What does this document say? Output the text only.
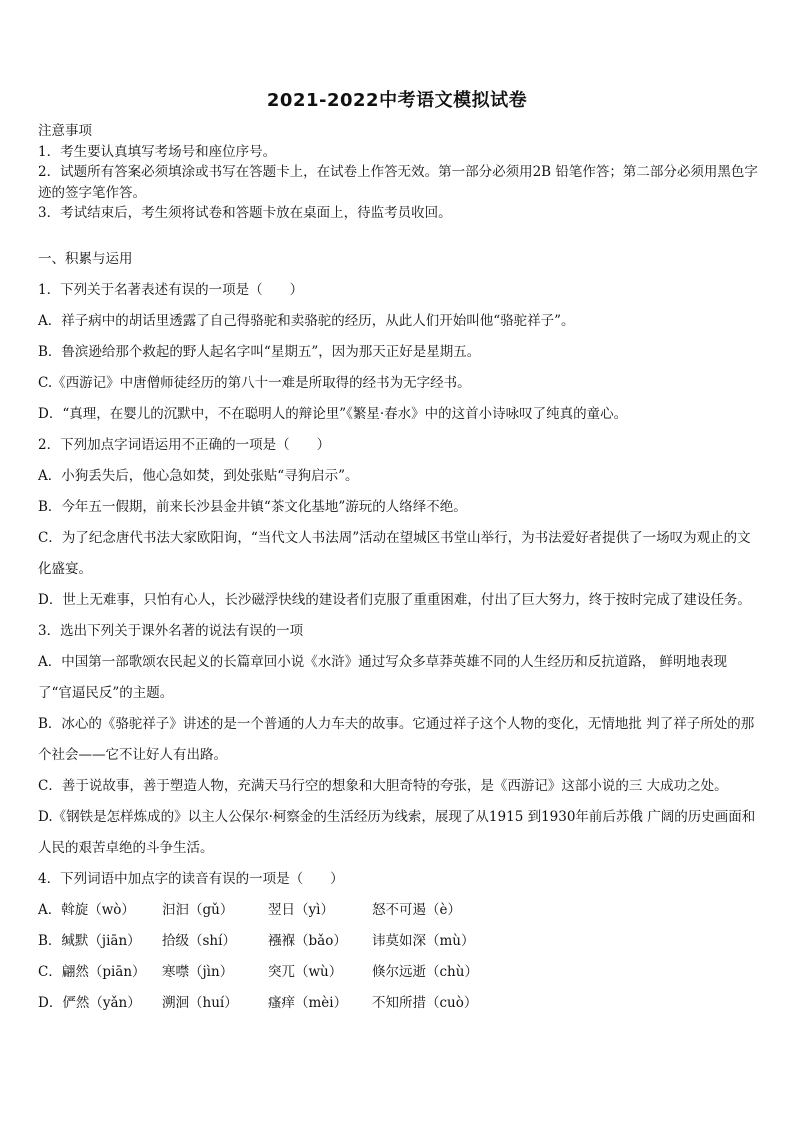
2021-2022中考语文模拟试卷

注意事项

1．考生要认真填写考场号和座位序号。

2．试题所有答案必须填涂或书写在答题卡上，在试卷上作答无效。第一部分必须用2B 铅笔作答；第二部分必须用黑色字迹的签字笔作答。

3．考试结束后，考生须将试卷和答题卡放在桌面上，待监考员收回。

一、积累与运用

1．下列关于名著表述有误的一项是（　　）

A．祥子病中的胡话里透露了自己得骆驼和卖骆驼的经历，从此人们开始叫他“骆驼祥子”。

B．鲁滨逊给那个救起的野人起名字叫“星期五”，因为那天正好是星期五。

C.《西游记》中唐僧师徒经历的第八十一难是所取得的经书为无字经书。

D．“真理，在婴儿的沉默中，不在聪明人的辩论里”《繁星·春水》中的这首小诗咏叹了纯真的童心。

2．下列加点字词语运用不正确的一项是（　　）

A．小狗丢失后，他心急如焚，到处张贴“寻狗启示”。

B．今年五一假期，前来长沙县金井镇“茶文化基地”游玩的人络绎不绝。

C．为了纪念唐代书法大家欧阳询，“当代文人书法周”活动在望城区书堂山举行，为书法爱好者提供了一场叹为观止的文化盛宴。

D．世上无难事，只怕有心人，长沙磁浮快线的建设者们克服了重重困难，付出了巨大努力，终于按时完成了建设任务。

3．选出下列关于课外名著的说法有误的一项

A．中国第一部歌颂农民起义的长篇章回小说《水浒》通过写众多草莽英雄不同的人生经历和反抗道路， 鲜明地表现了“官逼民反”的主题。

B．冰心的《骆驼祥子》讲述的是一个普通的人力车夫的故事。它通过祥子这个人物的变化，无情地批 判了祥子所处的那个社会——它不让好人有出路。

C．善于说故事，善于塑造人物，充满天马行空的想象和大胆奇特的夸张，是《西游记》这部小说的三 大成功之处。

D.《钢铁是怎样炼成的》以主人公保尔·柯察金的生活经历为线索，展现了从1915 到1930年前后苏俄 广阔的历史画面和人民的艰苦卓绝的斗争生活。

4．下列词语中加点字的读音有误的一项是（　　）

A．斡旋（wò）	汩汩（gǔ）	翌日（yì）	怒不可遏（è）
B．缄默（jiān）	拾级（shí）	襁褓（bǎo）	讳莫如深（mù）
C．翩然（piān）	寒噤（jìn）	突兀（wù）	倏尔远逝（chù）
D．俨然（yǎn）	溯洄（huí）	瘙痒（mèi）	不知所措（cuò）
